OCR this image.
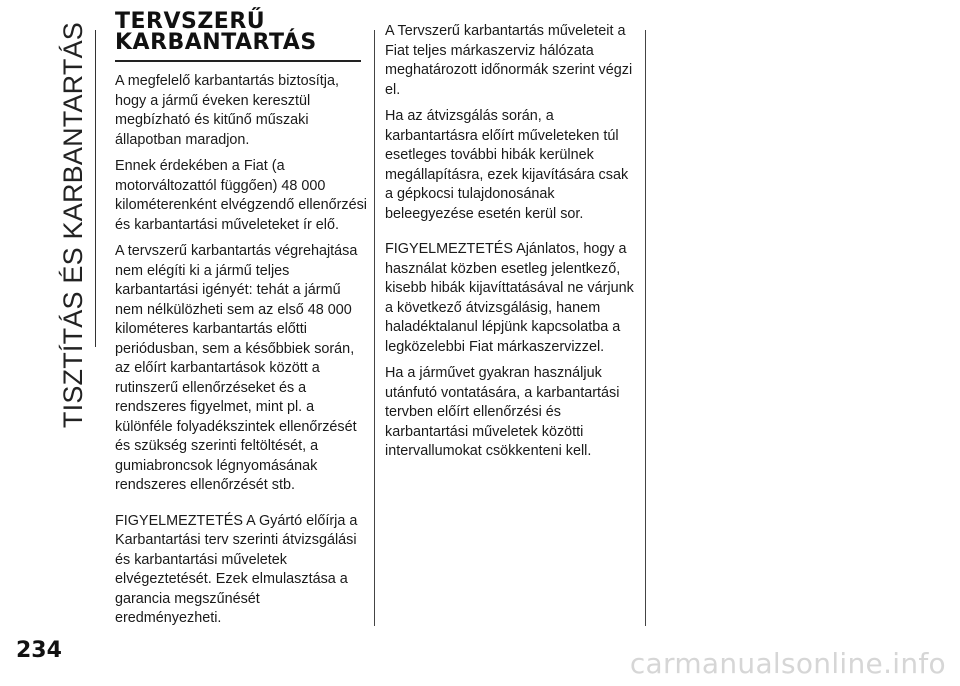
TISZTÍTÁS ÉS KARBANTARTÁS
TERVSZERŰ
KARBANTARTÁS

A megfelelő karbantartás biztosítja, hogy a jármű éveken keresztül megbízható és kitűnő műszaki állapotban maradjon.

Ennek érdekében a Fiat (a motorváltozattól függően) 48 000 kilométerenként elvégzendő ellenőrzési és karbantartási műveleteket ír elő.

A tervszerű karbantartás végrehajtása nem elégíti ki a jármű teljes karbantartási igényét: tehát a jármű nem nélkülözheti sem az első 48 000 kilométeres karbantartás előtti periódusban, sem a későbbiek során, az előírt karbantartások között a rutinszerű ellenőrzéseket és a rendszeres figyelmet, mint pl. a különféle folyadékszintek ellenőrzését és szükség szerinti feltöltését, a gumiabroncsok légnyomásának rendszeres ellenőrzését stb.

FIGYELMEZTETÉS A Gyártó előírja a Karbantartási terv szerinti átvizsgálási és karbantartási műveletek elvégeztetését. Ezek elmulasztása a garancia megszűnését eredményezheti.

A Tervszerű karbantartás műveleteit a Fiat teljes márkaszerviz hálózata meghatározott időnormák szerint végzi el.

Ha az átvizsgálás során, a karbantartásra előírt műveleteken túl esetleges további hibák kerülnek megállapításra, ezek kijavítására csak a gépkocsi tulajdonosának beleegyezése esetén kerül sor.

FIGYELMEZTETÉS Ajánlatos, hogy a használat közben esetleg jelentkező, kisebb hibák kijavíttatásával ne várjunk a következő átvizsgálásig, hanem haladéktalanul lépjünk kapcsolatba a legközelebbi Fiat márkaszervizzel.

Ha a járművet gyakran használjuk utánfutó vontatására, a karbantartási tervben előírt ellenőrzési és karbantartási műveletek közötti intervallumokat csökkenteni kell.

234	carmanualsonline.info
